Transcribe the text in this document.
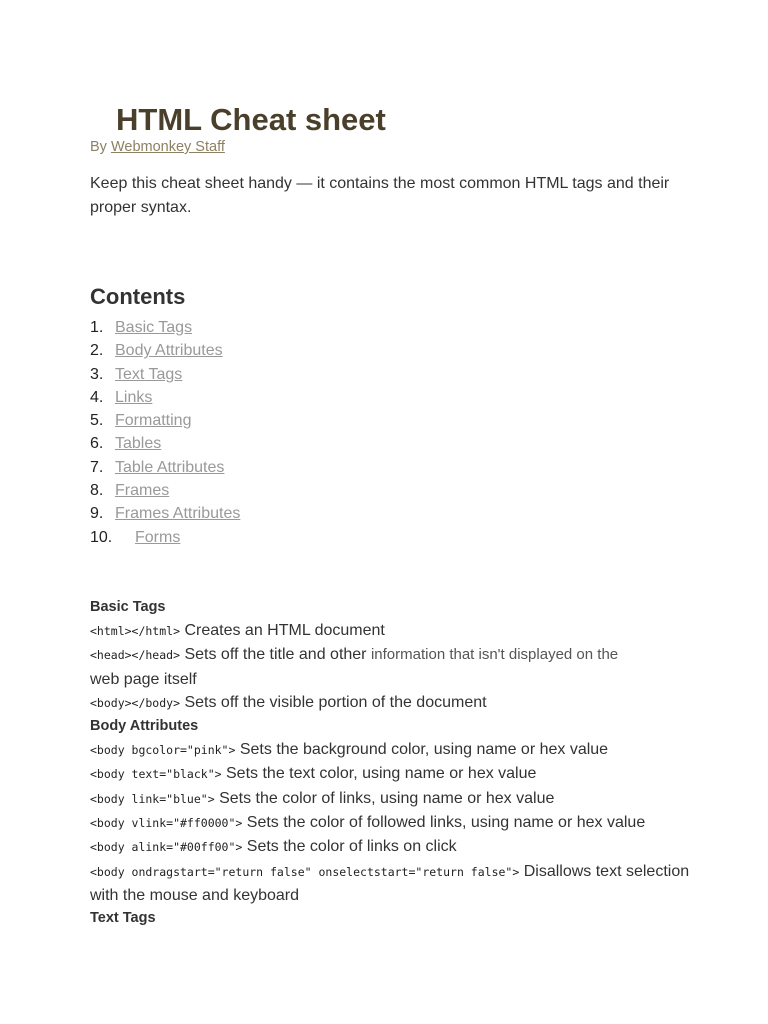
HTML Cheat sheet
By Webmonkey Staff

Keep this cheat sheet handy — it contains the most common HTML tags and their proper syntax.

Contents
1. Basic Tags
2. Body Attributes
3. Text Tags
4. Links
5. Formatting
6. Tables
7. Table Attributes
8. Frames
9. Frames Attributes
10. Forms
Basic Tags
<html></html> Creates an HTML document
<head></head> Sets off the title and other information that isn't displayed on the
web page itself
<body></body> Sets off the visible portion of the document
Body Attributes
<body bgcolor="pink"> Sets the background color, using name or hex value
<body text="black"> Sets the text color, using name or hex value
<body link="blue"> Sets the color of links, using name or hex value
<body vlink="#ff0000"> Sets the color of followed links, using name or hex value
<body alink="#00ff00"> Sets the color of links on click
<body ondragstart="return false" onselectstart="return false"> Disallows text selection with the mouse and keyboard
Text Tags
